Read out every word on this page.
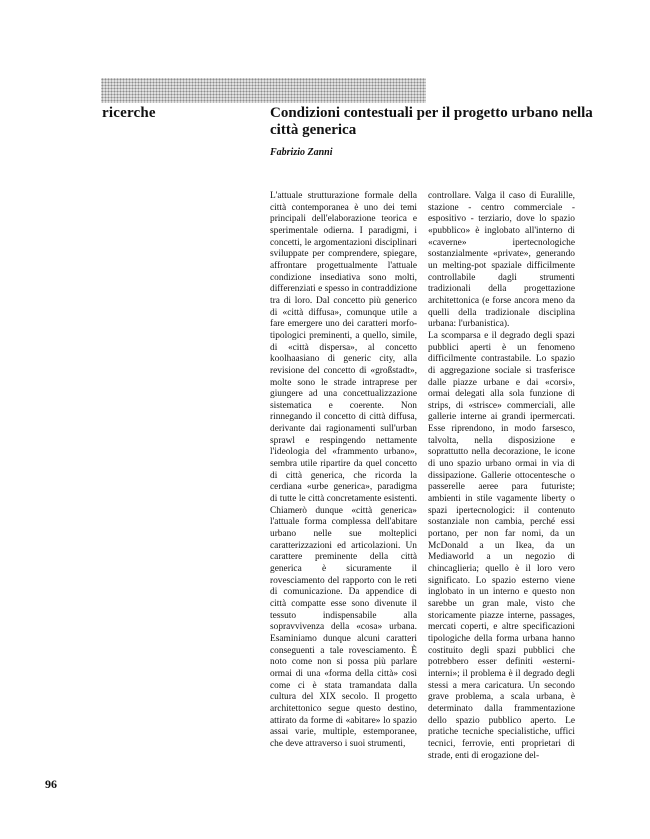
ricerche	Condizioni contestuali per il progetto urbano nella città generica
Fabrizio Zanni

L'attuale strutturazione formale della città contemporanea è uno dei temi principali dell'elaborazione teorica e sperimentale odierna. I paradigmi, i concetti, le argomentazioni disciplinari sviluppate per comprendere, spiegare, affrontare progettualmente l'attuale condizione insediativa sono molti, differenziati e spesso in contraddizione tra di loro. Dal concetto più generico di «città diffusa», comunque utile a fare emergere uno dei caratteri morfo-tipologici preminenti, a quello, simile, di «città dispersa», al concetto koolhaasiano di generic city, alla revisione del concetto di «großstadt», molte sono le strade intraprese per giungere ad una concettualizzazione sistematica e coerente. Non rinnegando il concetto di città diffusa, derivante dai ragionamenti sull'urban sprawl e respingendo nettamente l'ideologia del «frammento urbano», sembra utile ripartire da quel concetto di città generica, che ricorda la cerdiana «urbe generica», paradigma di tutte le città concretamente esistenti. Chiamerò dunque «città generica» l'attuale forma complessa dell'abitare urbano nelle sue molteplici caratterizzazioni ed articolazioni. Un carattere preminente della città generica è sicuramente il rovesciamento del rapporto con le reti di comunicazione. Da appendice di città compatte esse sono divenute il tessuto indispensabile alla sopravvivenza della «cosa» urbana. Esaminiamo dunque alcuni caratteri conseguenti a tale rovesciamento. È noto come non si possa più parlare ormai di una «forma della città» così come ci è stata tramandata dalla cultura del XIX secolo. Il progetto architettonico segue questo destino, attirato da forme di «abitare» lo spazio assai varie, multiple, estemporanee, che deve attraverso i suoi strumenti,

controllare. Valga il caso di Euralille, stazione - centro commerciale - espositivo - terziario, dove lo spazio «pubblico» è inglobato all'interno di «caverne» ipertecnologiche sostanzialmente «private», generando un melting-pot spaziale difficilmente controllabile dagli strumenti tradizionali della progettazione architettonica (e forse ancora meno da quelli della tradizionale disciplina urbana: l'urbanistica).

La scomparsa e il degrado degli spazi pubblici aperti è un fenomeno difficilmente contrastabile. Lo spazio di aggregazione sociale si trasferisce dalle piazze urbane e dai «corsi», ormai delegati alla sola funzione di strips, di «strisce» commerciali, alle gallerie interne ai grandi ipermercati. Esse riprendono, in modo farsesco, talvolta, nella disposizione e soprattutto nella decorazione, le icone di uno spazio urbano ormai in via di dissipazione. Gallerie ottocentesche o passerelle aeree para futuriste; ambienti in stile vagamente liberty o spazi ipertecnologici: il contenuto sostanziale non cambia, perché essi portano, per non far nomi, da un McDonald a un Ikea, da un Mediaworld a un negozio di chincaglieria; quello è il loro vero significato. Lo spazio esterno viene inglobato in un interno e questo non sarebbe un gran male, visto che storicamente piazze interne, passages, mercati coperti, e altre specificazioni tipologiche della forma urbana hanno costituito degli spazi pubblici che potrebbero esser definiti «esterni-interni»; il problema è il degrado degli stessi a mera caricatura. Un secondo grave problema, a scala urbana, è determinato dalla frammentazione dello spazio pubblico aperto. Le pratiche tecniche specialistiche, uffici tecnici, ferrovie, enti proprietari di strade, enti di erogazione del-

96
